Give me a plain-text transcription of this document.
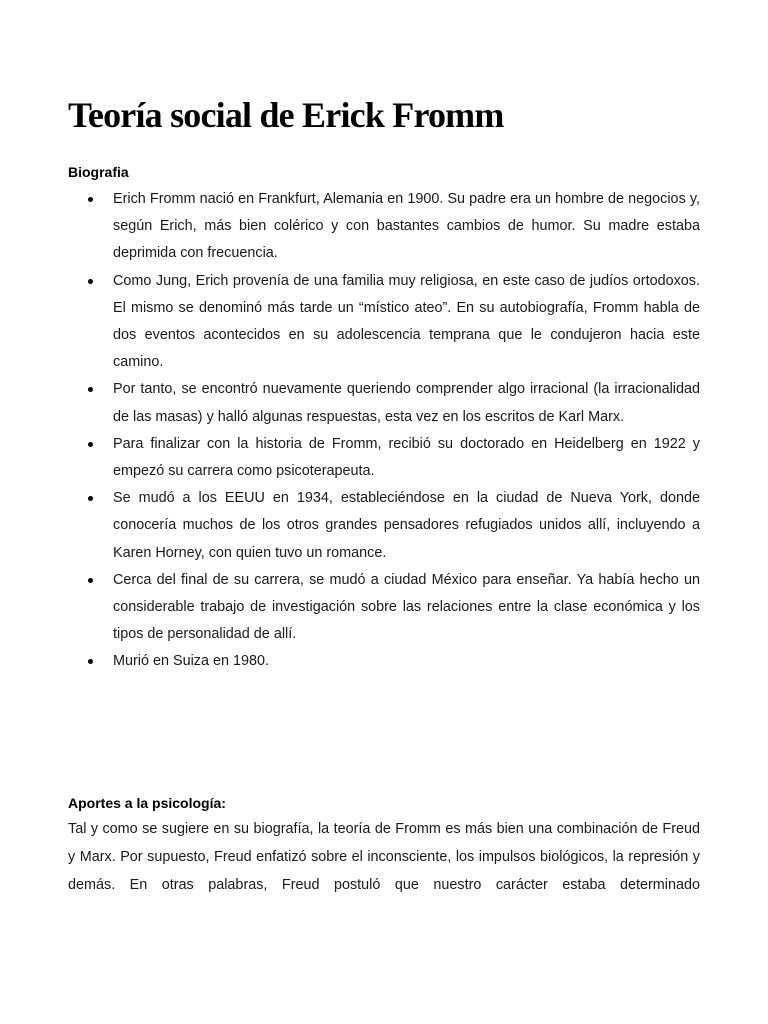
Teoría social de Erick Fromm
Biografia
Erich Fromm nació en Frankfurt, Alemania en 1900. Su padre era un hombre de negocios y, según Erich, más bien colérico y con bastantes cambios de humor. Su madre estaba deprimida con frecuencia.
Como Jung, Erich provenía de una familia muy religiosa, en este caso de judíos ortodoxos. El mismo se denominó más tarde un “místico ateo”. En su autobiografía, Fromm habla de dos eventos acontecidos en su adolescencia temprana que le condujeron hacia este camino.
Por tanto, se encontró nuevamente queriendo comprender algo irracional (la irracionalidad de las masas) y halló algunas respuestas, esta vez en los escritos de Karl Marx.
Para finalizar con la historia de Fromm, recibió su doctorado en Heidelberg en 1922 y empezó su carrera como psicoterapeuta.
Se mudó a los EEUU en 1934, estableciéndose en la ciudad de Nueva York, donde conocería muchos de los otros grandes pensadores refugiados unidos allí, incluyendo a Karen Horney, con quien tuvo un romance.
Cerca del final de su carrera, se mudó a ciudad México para enseñar. Ya había hecho un considerable trabajo de investigación sobre las relaciones entre la clase económica y los tipos de personalidad de allí.
Murió en Suiza en 1980.
Aportes a la psicología:

Tal y como se sugiere en su biografía, la teoría de Fromm es más bien una combinación de Freud y Marx. Por supuesto, Freud enfatizó sobre el inconsciente, los impulsos biológicos, la represión y demás. En otras palabras, Freud postuló que nuestro carácter estaba determinado
